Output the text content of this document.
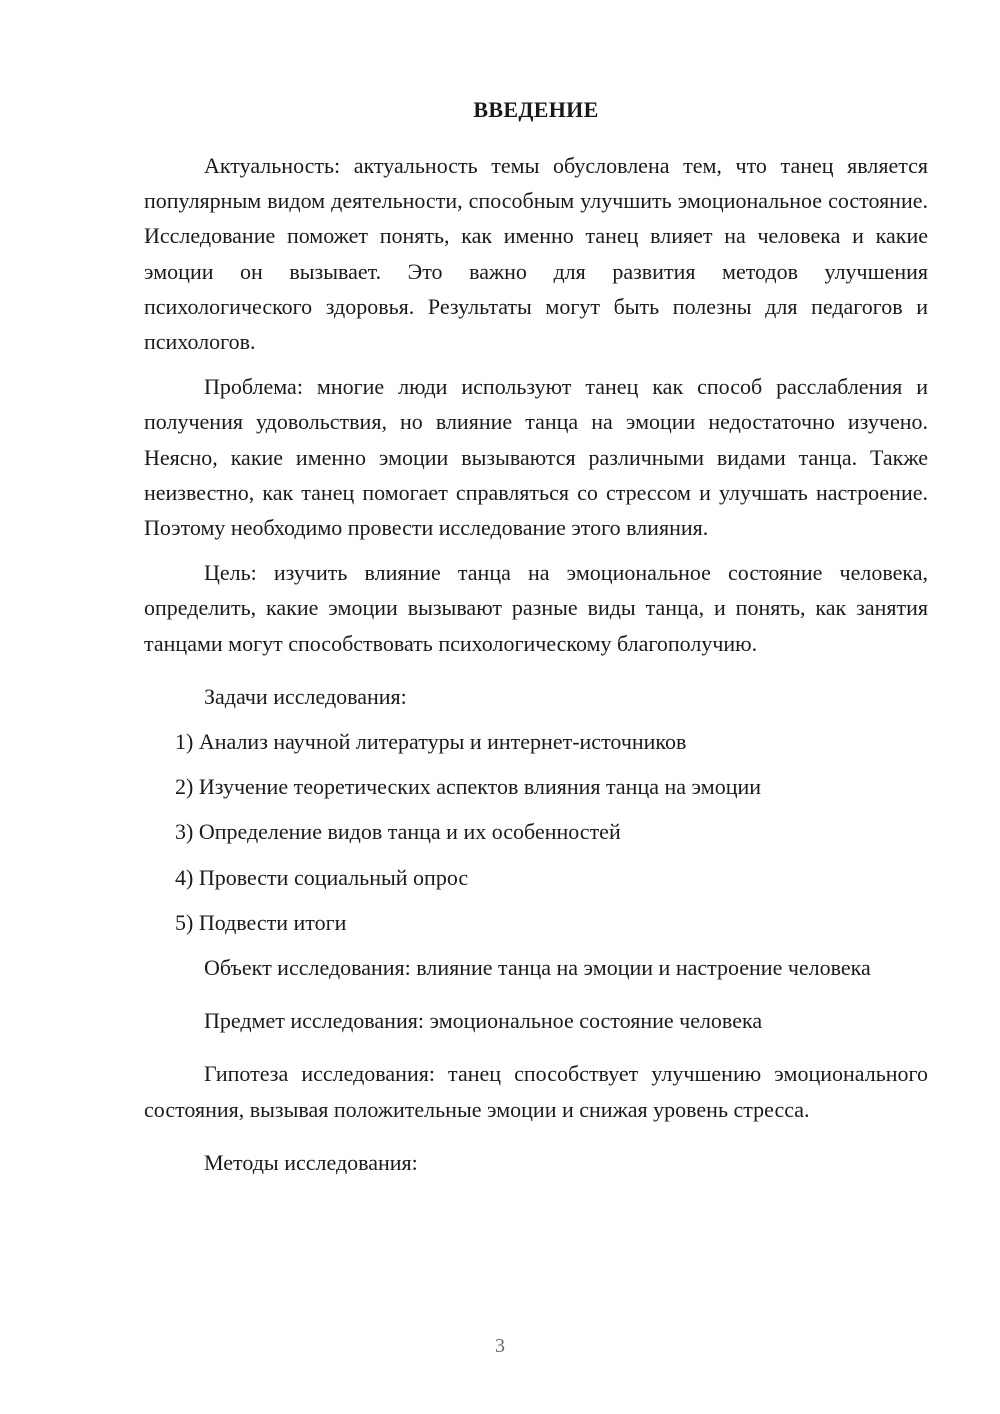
ВВЕДЕНИЕ

Актуальность: актуальность темы обусловлена тем, что танец является популярным видом деятельности, способным улучшить эмоциональное состояние. Исследование поможет понять, как именно танец влияет на человека и какие эмоции он вызывает. Это важно для развития методов улучшения психологического здоровья. Результаты могут быть полезны для педагогов и психологов.

Проблема: многие люди используют танец как способ расслабления и получения удовольствия, но влияние танца на эмоции недостаточно изучено. Неясно, какие именно эмоции вызываются различными видами танца. Также неизвестно, как танец помогает справляться со стрессом и улучшать настроение. Поэтому необходимо провести исследование этого влияния.

Цель: изучить влияние танца на эмоциональное состояние человека, определить, какие эмоции вызывают разные виды танца, и понять, как занятия танцами могут способствовать психологическому благополучию.

Задачи исследования:

1) Анализ научной литературы и интернет-источников
2) Изучение теоретических аспектов влияния танца на эмоции
3) Определение видов танца и их особенностей
4) Провести социальный опрос
5) Подвести итоги

Объект исследования: влияние танца на эмоции и настроение человека

Предмет исследования: эмоциональное состояние человека

Гипотеза исследования: танец способствует улучшению эмоционального состояния, вызывая положительные эмоции и снижая уровень стресса.

Методы исследования:

3
